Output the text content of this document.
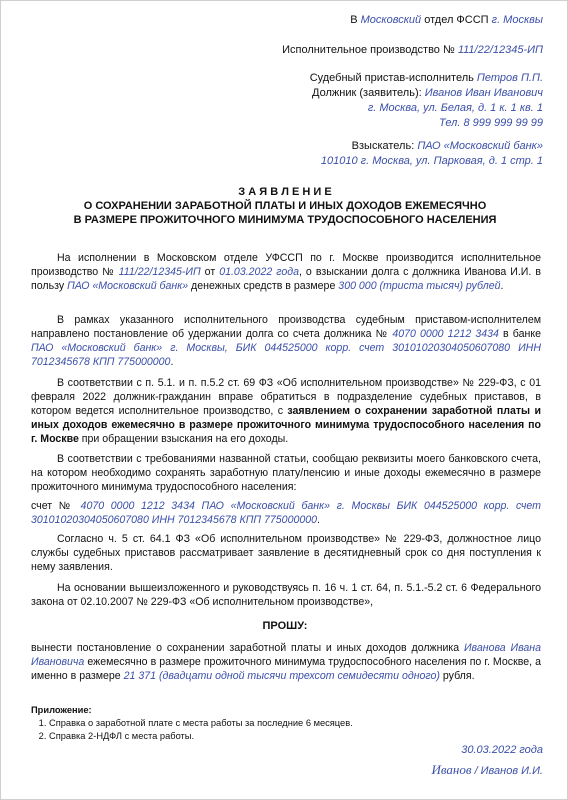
В Московский отдел ФССП г. Москвы
Исполнительное производство № 111/22/12345-ИП
Судебный пристав-исполнитель Петров П.П.
Должник (заявитель): Иванов Иван Иванович
г. Москва, ул. Белая, д. 1 к. 1 кв. 1
Тел. 8 999 999 99 99
Взыскатель: ПАО «Московский банк»
101010 г. Москва, ул. Парковая, д. 1 стр. 1
З А Я В Л Е Н И Е
О СОХРАНЕНИИ ЗАРАБОТНОЙ ПЛАТЫ И ИНЫХ ДОХОДОВ ЕЖЕМЕСЯЧНО
В РАЗМЕРЕ ПРОЖИТОЧНОГО МИНИМУМА ТРУДОСПОСОБНОГО НАСЕЛЕНИЯ
На исполнении в Московском отделе УФССП по г. Москве производится исполнительное производство № 111/22/12345-ИП от 01.03.2022 года, о взыскании долга с должника Иванова И.И. в пользу ПАО «Московский банк» денежных средств в размере 300 000 (триста тысяч) рублей.
В рамках указанного исполнительного производства судебным приставом-исполнителем направлено постановление об удержании долга со счета должника № 4070 0000 1212 3434 в банке ПАО «Московский банк» г. Москвы, БИК 044525000 корр. счет 30101020304050607080 ИНН 7012345678 КПП 775000000.
В соответствии с п. 5.1. и п. п.5.2 ст. 69 ФЗ «Об исполнительном производстве» № 229-ФЗ, с 01 февраля 2022 должник-гражданин вправе обратиться в подразделение судебных приставов, в котором ведется исполнительное производство, с заявлением о сохранении заработной платы и иных доходов ежемесячно в размере прожиточного минимума трудоспособного населения по г. Москве при обращении взыскания на его доходы.
В соответствии с требованиями названной статьи, сообщаю реквизиты моего банковского счета, на котором необходимо сохранять заработную плату/пенсию и иные доходы ежемесячно в размере прожиточного минимума трудоспособного населения:
счет № 4070 0000 1212 3434 ПАО «Московский банк» г. Москвы БИК 044525000 корр. счет 30101020304050607080 ИНН 7012345678 КПП 775000000.
Согласно ч. 5 ст. 64.1 ФЗ «Об исполнительном производстве» № 229-ФЗ, должностное лицо службы судебных приставов рассматривает заявление в десятидневный срок со дня поступления к нему заявления.
На основании вышеизложенного и руководствуясь п. 16 ч. 1 ст. 64, п. 5.1.-5.2 ст. 6 Федерального закона от 02.10.2007 № 229-ФЗ «Об исполнительном производстве»,
ПРОШУ:
вынести постановление о сохранении заработной платы и иных доходов должника Иванова Ивана Ивановича ежемесячно в размере прожиточного минимума трудоспособного населения по г. Москве, а именно в размере 21 371 (двадцати одной тысячи трехсот семидесяти одного) рубля.
Приложение:
1. Справка о заработной плате с места работы за последние 6 месяцев.
2. Справка 2-НДФЛ с места работы.
30.03.2022 года
Иванов / Иванов И.И.
